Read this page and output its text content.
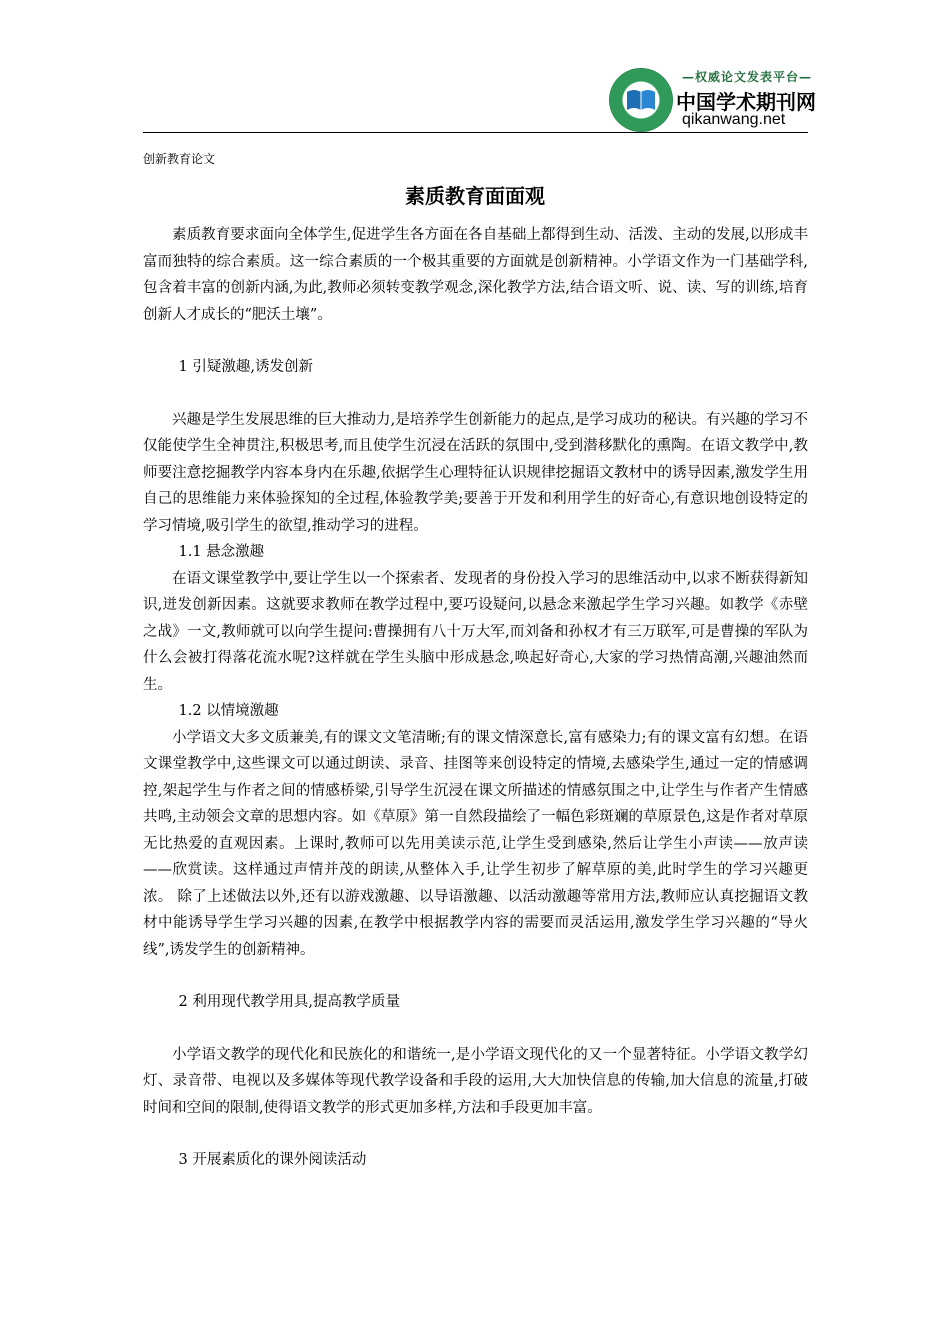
—权威论文发表平台—
中国学术期刊网
qikanwang.net
创新教育论文
素质教育面面观

素质教育要求面向全体学生,促进学生各方面在各自基础上都得到生动、活泼、主动的发展,以形成丰富而独特的综合素质。这一综合素质的一个极其重要的方面就是创新精神。小学语文作为一门基础学科,包含着丰富的创新内涵,为此,教师必须转变教学观念,深化教学方法,结合语文听、说、读、写的训练,培育创新人才成长的“肥沃土壤”。

1 引疑激趣,诱发创新

兴趣是学生发展思维的巨大推动力,是培养学生创新能力的起点,是学习成功的秘诀。有兴趣的学习不仅能使学生全神贯注,积极思考,而且使学生沉浸在活跃的氛围中,受到潜移默化的熏陶。在语文教学中,教师要注意挖掘教学内容本身内在乐趣,依据学生心理特征认识规律挖掘语文教材中的诱导因素,激发学生用自己的思维能力来体验探知的全过程,体验教学美;要善于开发和利用学生的好奇心,有意识地创设特定的学习情境,吸引学生的欲望,推动学习的进程。

1.1 悬念激趣

在语文课堂教学中,要让学生以一个探索者、发现者的身份投入学习的思维活动中,以求不断获得新知识,迸发创新因素。这就要求教师在教学过程中,要巧设疑问,以悬念来激起学生学习兴趣。如教学《赤壁之战》一文,教师就可以向学生提问:曹操拥有八十万大军,而刘备和孙权才有三万联军,可是曹操的军队为什么会被打得落花流水呢?这样就在学生头脑中形成悬念,唤起好奇心,大家的学习热情高潮,兴趣油然而生。

1.2 以情境激趣

小学语文大多文质兼美,有的课文文笔清晰;有的课文情深意长,富有感染力;有的课文富有幻想。在语文课堂教学中,这些课文可以通过朗读、录音、挂图等来创设特定的情境,去感染学生,通过一定的情感调控,架起学生与作者之间的情感桥梁,引导学生沉浸在课文所描述的情感氛围之中,让学生与作者产生情感共鸣,主动领会文章的思想内容。如《草原》第一自然段描绘了一幅色彩斑斓的草原景色,这是作者对草原无比热爱的直观因素。上课时,教师可以先用美读示范,让学生受到感染,然后让学生小声读——放声读——欣赏读。这样通过声情并茂的朗读,从整体入手,让学生初步了解草原的美,此时学生的学习兴趣更浓。 除了上述做法以外,还有以游戏激趣、以导语激趣、以活动激趣等常用方法,教师应认真挖掘语文教材中能诱导学生学习兴趣的因素,在教学中根据教学内容的需要而灵活运用,激发学生学习兴趣的“导火线”,诱发学生的创新精神。

2 利用现代教学用具,提高教学质量

小学语文教学的现代化和民族化的和谐统一,是小学语文现代化的又一个显著特征。小学语文教学幻灯、录音带、电视以及多媒体等现代教学设备和手段的运用,大大加快信息的传输,加大信息的流量,打破时间和空间的限制,使得语文教学的形式更加多样,方法和手段更加丰富。

3 开展素质化的课外阅读活动
